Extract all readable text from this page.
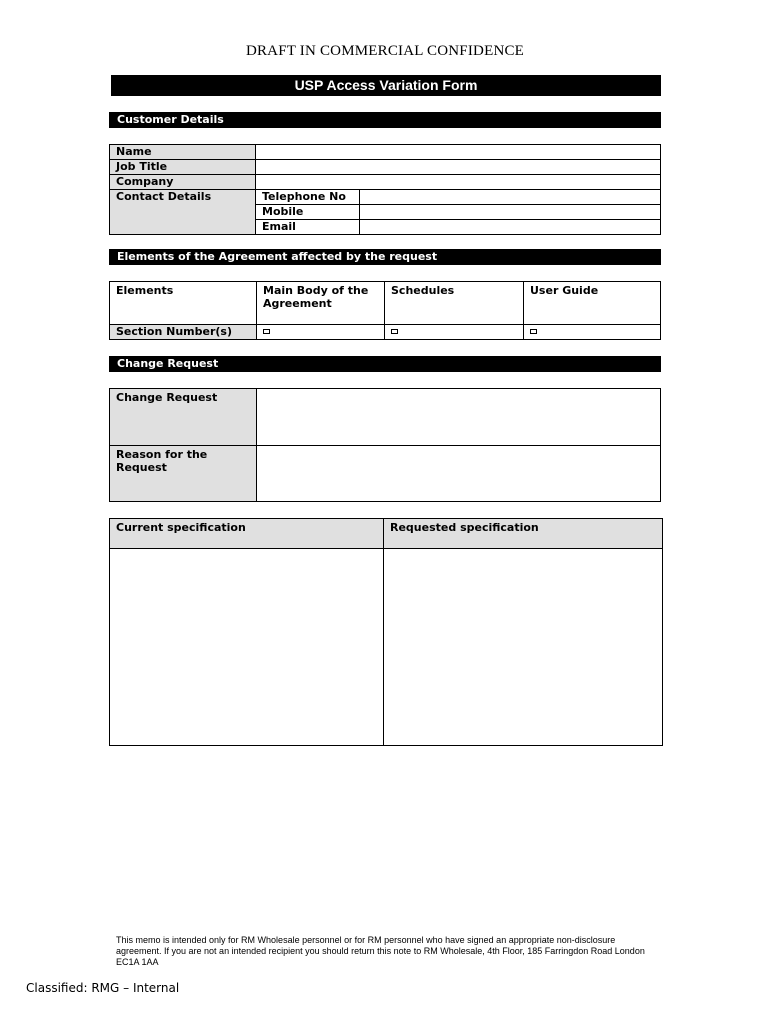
DRAFT IN COMMERCIAL CONFIDENCE
USP Access Variation Form
Customer Details
Name		
Job Title		
Company		
Contact Details	Telephone No	
	Mobile	
	Email	
Elements of the Agreement affected by the request
Elements	Main Body of the Agreement	Schedules	User Guide
Section Number(s)			
Change Request
Change Request	
Reason for the Request	
Current specification	Requested specification

This memo is intended only for RM Wholesale personnel or for RM personnel who have signed an appropriate non-disclosure agreement. If you are not an intended recipient you should return this note to RM Wholesale, 4th Floor, 185 Farringdon Road London EC1A 1AA
Classified: RMG – Internal
